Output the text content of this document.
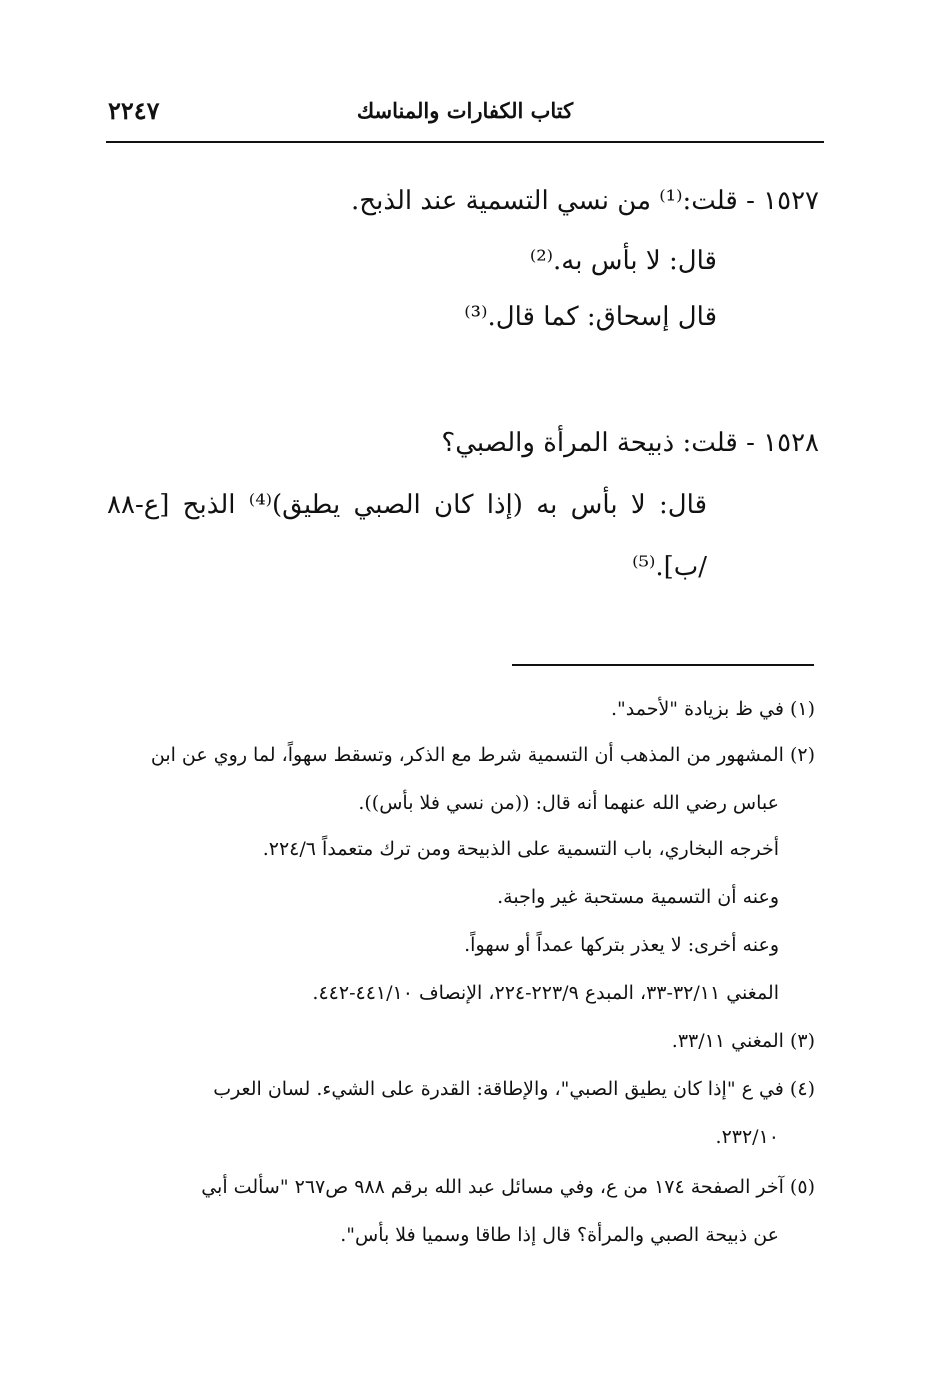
كتاب الكفارات والمناسك
٢٢٤٧
١٥٢٧ - قلت:⁽¹⁾ من نسي التسمية عند الذبح.
قال: لا بأس به.⁽²⁾
قال إسحاق: كما قال.⁽³⁾
١٥٢٨ - قلت: ذبيحة المرأة والصبي؟
قال: لا بأس به (إذا كان الصبي يطيق)⁽⁴⁾ الذبح [ع-٨٨
/ب].⁽⁵⁾
(١) في ظ بزيادة "لأحمد".
(٢) المشهور من المذهب أن التسمية شرط مع الذكر، وتسقط سهواً، لما روي عن ابن
عباس رضي الله عنهما أنه قال: ((من نسي فلا بأس)).
أخرجه البخاري، باب التسمية على الذبيحة ومن ترك متعمداً ٢٢٤/٦.
وعنه أن التسمية مستحبة غير واجبة.
وعنه أخرى: لا يعذر بتركها عمداً أو سهواً.
المغني ٣٢/١١-٣٣، المبدع ٢٢٣/٩-٢٢٤، الإنصاف ٤٤١/١٠-٤٤٢.
(٣) المغني ٣٣/١١.
(٤) في ع "إذا كان يطيق الصبي"، والإطاقة: القدرة على الشيء. لسان العرب
٢٣٢/١٠.
(٥) آخر الصفحة ١٧٤ من ع، وفي مسائل عبد الله برقم ٩٨٨ ص٢٦٧ "سألت أبي
عن ذبيحة الصبي والمرأة؟ قال إذا طاقا وسميا فلا بأس".
